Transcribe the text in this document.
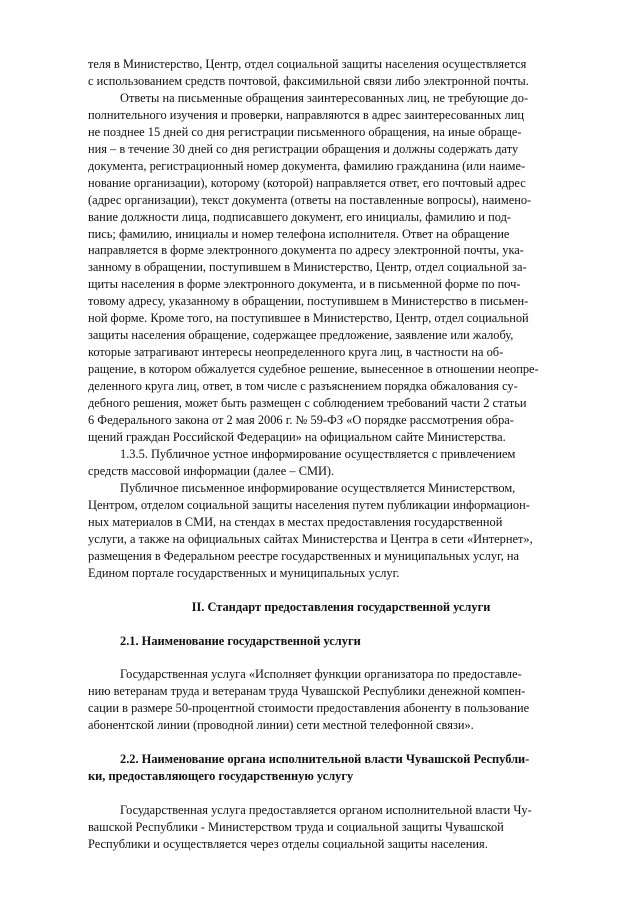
теля в Министерство, Центр, отдел социальной защиты населения осуществляется
с использованием средств почтовой, факсимильной связи либо электронной почты.

Ответы на письменные обращения заинтересованных лиц, не требующие до-
полнительного изучения и проверки, направляются в адрес заинтересованных лиц
не позднее 15 дней со дня регистрации письменного обращения, на иные обраще-
ния – в течение 30 дней со дня регистрации обращения и должны содержать дату
документа, регистрационный номер документа, фамилию гражданина (или наиме-
нование организации), которому (которой) направляется ответ, его почтовый адрес
(адрес организации), текст документа (ответы на поставленные вопросы), наимено-
вание должности лица, подписавшего документ, его инициалы, фамилию и под-
пись; фамилию, инициалы и номер телефона исполнителя. Ответ на обращение
направляется в форме электронного документа по адресу электронной почты, ука-
занному в обращении, поступившем в Министерство, Центр, отдел социальной за-
щиты населения в форме электронного документа, и в письменной форме по поч-
товому адресу, указанному в обращении, поступившем в Министерство в письмен-
ной форме. Кроме того, на поступившее в Министерство, Центр, отдел социальной
защиты населения обращение, содержащее предложение, заявление или жалобу,
которые затрагивают интересы неопределенного круга лиц, в частности на об-
ращение, в котором обжалуется судебное решение, вынесенное в отношении неопре-
деленного круга лиц, ответ, в том числе с разъяснением порядка обжалования су-
дебного решения, может быть размещен с соблюдением требований части 2 статьи
6 Федерального закона от 2 мая 2006 г. № 59-ФЗ «О порядке рассмотрения обра-
щений граждан Российской Федерации» на официальном сайте Министерства.

1.3.5. Публичное устное информирование осуществляется с привлечением
средств массовой информации (далее – СМИ).

Публичное письменное информирование осуществляется Министерством,
Центром, отделом социальной защиты населения путем публикации информацион-
ных материалов в СМИ, на стендах в местах предоставления государственной
услуги, а также на официальных сайтах Министерства и Центра в сети «Интернет»,
размещения в Федеральном реестре государственных и муниципальных услуг, на
Едином портале государственных и муниципальных услуг.

II. Стандарт предоставления государственной услуги

2.1. Наименование государственной услуги

Государственная услуга «Исполняет функции организатора по предоставле-
нию ветеранам труда и ветеранам труда Чувашской Республики денежной компен-
сации в размере 50-процентной стоимости предоставления абоненту в пользование
абонентской линии (проводной линии) сети местной телефонной связи».

2.2. Наименование органа исполнительной власти Чувашской Республи-
ки, предоставляющего государственную услугу

Государственная услуга предоставляется органом исполнительной власти Чу-
вашской Республики - Министерством труда и социальной защиты Чувашской
Республики и осуществляется через отделы социальной защиты населения.
